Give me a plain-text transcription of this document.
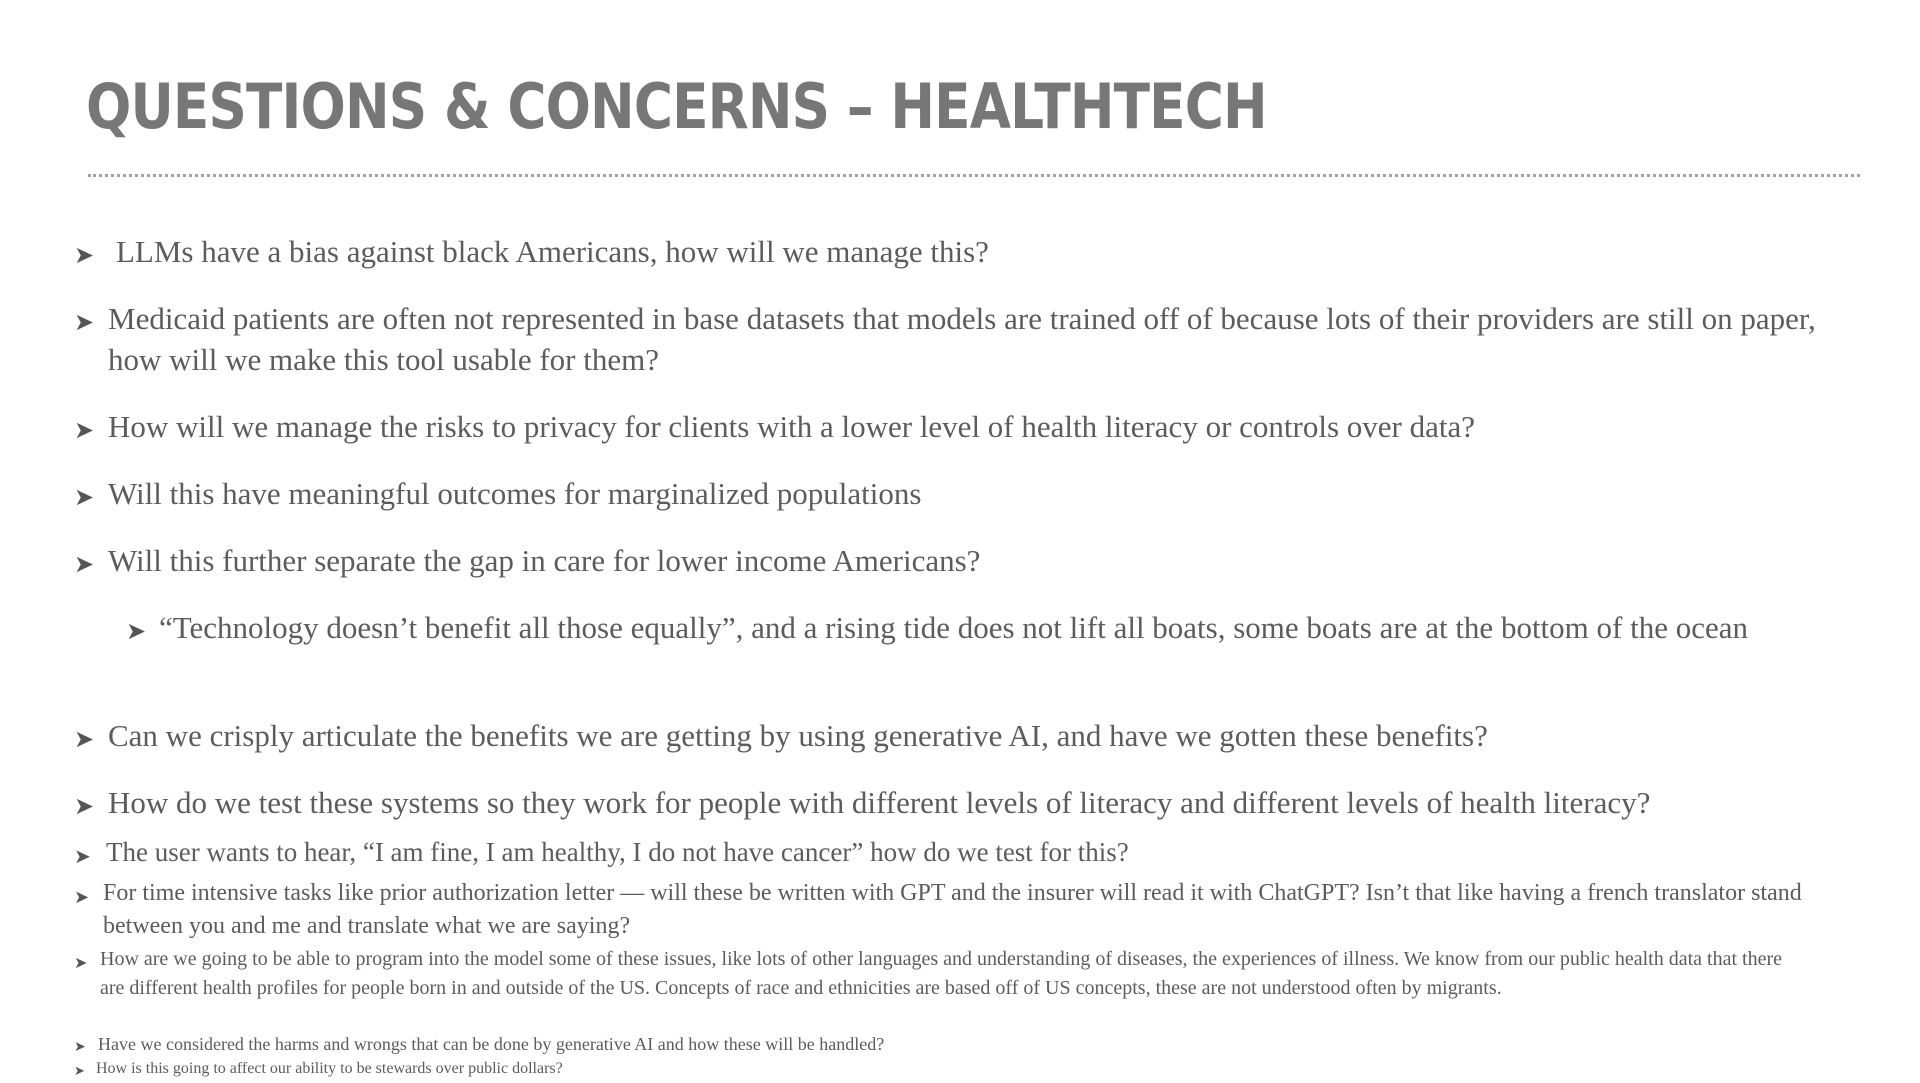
QUESTIONS & CONCERNS – HEALTHTECH
➤ LLMs have a bias against black Americans, how will we manage this?
➤ Medicaid patients are often not represented in base datasets that models are trained off of because lots of their providers are still on paper, how will we make this tool usable for them?
➤ How will we manage the risks to privacy for clients with a lower level of health literacy or controls over data?
➤ Will this have meaningful outcomes for marginalized populations
➤ Will this further separate the gap in care for lower income Americans?
➤ “Technology doesn’t benefit all those equally”, and a rising tide does not lift all boats, some boats are at the bottom of the ocean
➤ Can we crisply articulate the benefits we are getting by using generative AI, and have we gotten these benefits?
➤ How do we test these systems so they work for people with different levels of literacy and different levels of health literacy?
➤ The user wants to hear, “I am fine, I am healthy, I do not have cancer” how do we test for this?
➤ For time intensive tasks like prior authorization letter — will these be written with GPT and the insurer will read it with ChatGPT? Isn’t that like having a french translator stand between you and me and translate what we are saying?
➤ How are we going to be able to program into the model some of these issues, like lots of other languages and understanding of diseases, the experiences of illness. We know from our public health data that there are different health profiles for people born in and outside of the US. Concepts of race and ethnicities are based off of US concepts, these are not understood often by migrants.
➤ Have we considered the harms and wrongs that can be done by generative AI and how these will be handled?
➤ How is this going to affect our ability to be stewards over public dollars?
